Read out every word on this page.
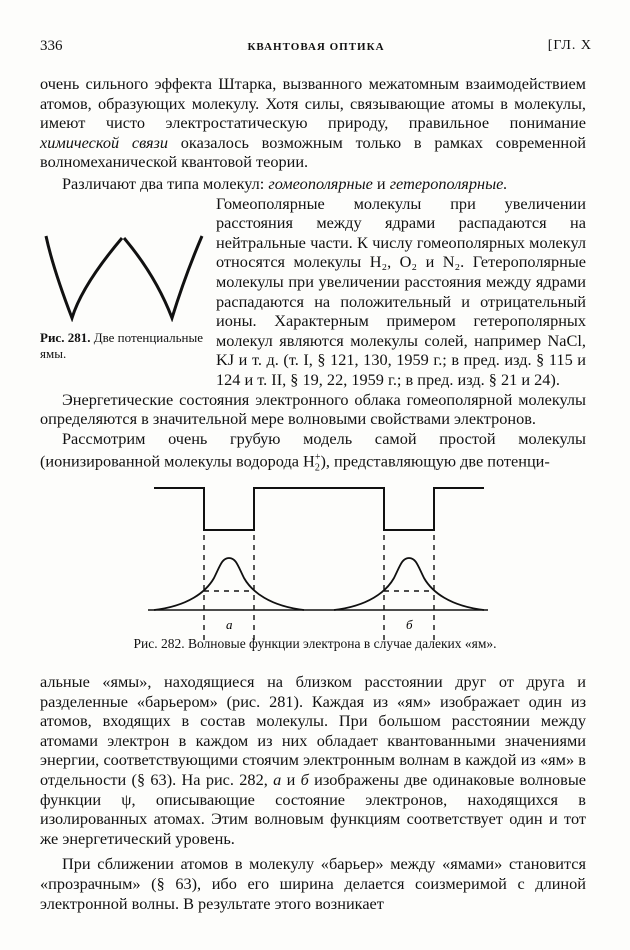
336	КВАНТОВАЯ ОПТИКА	[ГЛ. X

очень сильного эффекта Штарка, вызванного межатомным взаимодействием атомов, образующих молекулу. Хотя силы, связывающие атомы в молекулы, имеют чисто электростатическую природу, правильное понимание химической связи оказалось возможным только в рамках современной волномеханической квантовой теории.

Различают два типа молекул: гомеополярные и гетерополярные.

Рис. 281. Две потенциальные ямы.

Гомеополярные молекулы при увеличении расстояния между ядрами распадаются на нейтральные части. К числу гомеополярных молекул относятся молекулы H₂, O₂ и N₂. Гетерополярные молекулы при увеличении расстояния между ядрами распадаются на положительный и отрицательный ионы. Характерным примером гетерополярных молекул являются молекулы солей, например NaCl, KJ и т. д. (т. I, § 121, 130, 1959 г.; в пред. изд. § 115 и 124 и т. II, § 19, 22, 1959 г.; в пред. изд. § 21 и 24).

Энергетические состояния электронного облака гомеополярной молекулы определяются в значительной мере волновыми свойствами электронов.

Рассмотрим очень грубую модель самой простой молекулы (ионизированной молекулы водорода $H_2^+$), представляющую две потенци-

а	б
Рис. 282. Волновые функции электрона в случае далеких «ям».

альные «ямы», находящиеся на близком расстоянии друг от друга и разделенные «барьером» (рис. 281). Каждая из «ям» изображает один из атомов, входящих в состав молекулы. При большом расстоянии между атомами электрон в каждом из них обладает квантованными значениями энергии, соответствующими стоячим электронным волнам в каждой из «ям» в отдельности (§ 63). На рис. 282, а и б изображены две одинаковые волновые функции ψ, описывающие состояние электронов, находящихся в изолированных атомах. Этим волновым функциям соответствует один и тот же энергетический уровень.

При сближении атомов в молекулу «барьер» между «ямами» становится «прозрачным» (§ 63), ибо его ширина делается соизмеримой с длиной электронной волны. В результате этого возникает
